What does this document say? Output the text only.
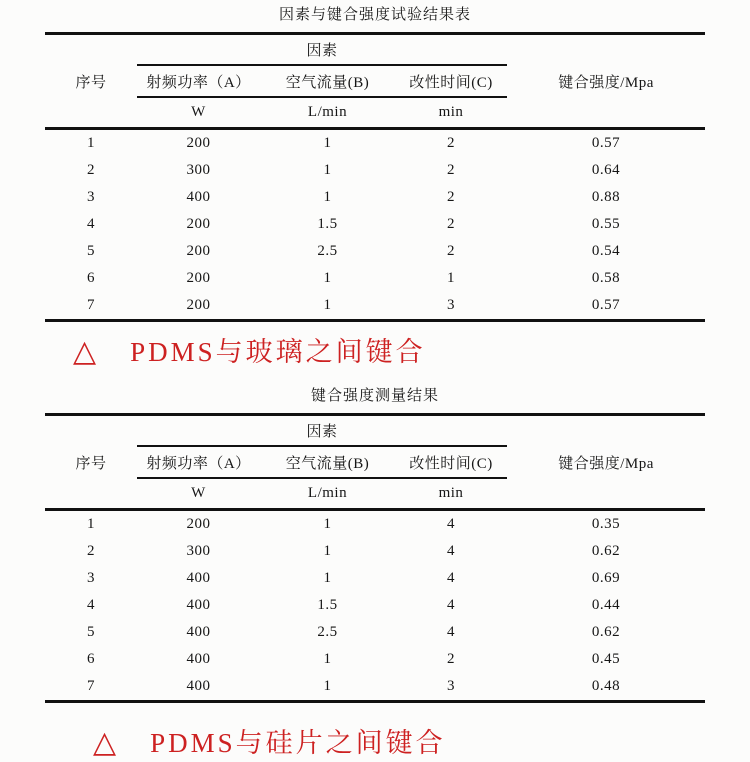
因素与键合强度试验结果表
序号	因素			键合强度/Mpa
	射频功率（A）	空气流量(B)	改性时间(C)	
	W	L/min	min	
1	200	1	2	0.57
2	300	1	2	0.64
3	400	1	2	0.88
4	200	1.5	2	0.55
5	200	2.5	2	0.54
6	200	1	1	0.58
7	200	1	3	0.57
△ PDMS与玻璃之间键合
键合强度测量结果
序号	因素			键合强度/Mpa
	射频功率（A）	空气流量(B)	改性时间(C)	
	W	L/min	min	
1	200	1	4	0.35
2	300	1	4	0.62
3	400	1	4	0.69
4	400	1.5	4	0.44
5	400	2.5	4	0.62
6	400	1	2	0.45
7	400	1	3	0.48
△ PDMS与硅片之间键合
